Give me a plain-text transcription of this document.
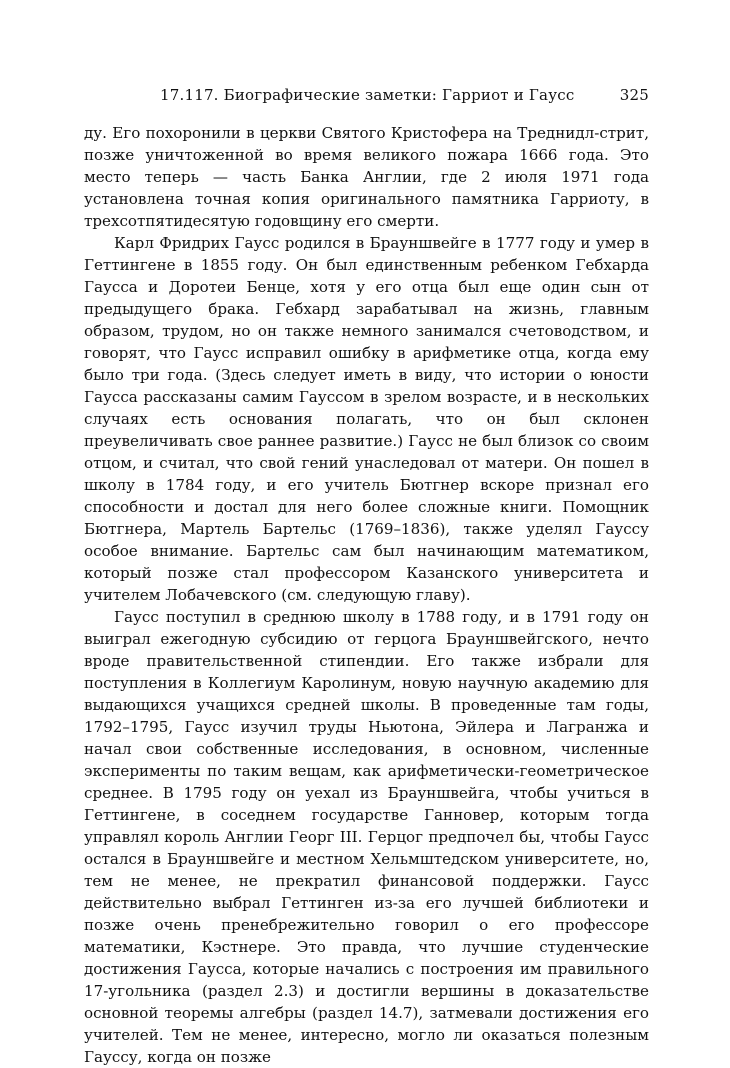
17.117. Биографические заметки: Гарриот и Гаусс	325

ду. Его похоронили в церкви Святого Кристофера на Треднидл-стрит, позже уничтоженной во время великого пожара 1666 года. Это место теперь — часть Банка Англии, где 2 июля 1971 года установлена точная копия оригинального памятника Гарриоту, в трехсотпятидесятую годовщину его смерти.

Карл Фридрих Гаусс родился в Брауншвейге в 1777 году и умер в Геттингене в 1855 году. Он был единственным ребенком Гебхарда Гаусса и Доротеи Бенце, хотя у его отца был еще один сын от предыдущего брака. Гебхард зарабатывал на жизнь, главным образом, трудом, но он также немного занимался счетоводством, и говорят, что Гаусс исправил ошибку в арифметике отца, когда ему было три года. (Здесь следует иметь в виду, что истории о юности Гаусса рассказаны самим Гауссом в зрелом возрасте, и в нескольких случаях есть основания полагать, что он был склонен преувеличивать свое раннее развитие.) Гаусс не был близок со своим отцом, и считал, что свой гений унаследовал от матери. Он пошел в школу в 1784 году, и его учитель Бютгнер вскоре признал его способности и достал для него более сложные книги. Помощник Бютгнера, Мартель Бартельс (1769–1836), также уделял Гауссу особое внимание. Бартельс сам был начинающим математиком, который позже стал профессором Казанского университета и учителем Лобачевского (см. следующую главу).

Гаусс поступил в среднюю школу в 1788 году, и в 1791 году он выиграл ежегодную субсидию от герцога Брауншвейгского, нечто вроде правительственной стипендии. Его также избрали для поступления в Коллегиум Каролинум, новую научную академию для выдающихся учащихся средней школы. В проведенные там годы, 1792–1795, Гаусс изучил труды Ньютона, Эйлера и Лагранжа и начал свои собственные исследования, в основном, численные эксперименты по таким вещам, как арифметически-геометрическое среднее. В 1795 году он уехал из Брауншвейга, чтобы учиться в Геттингене, в соседнем государстве Ганновер, которым тогда управлял король Англии Георг III. Герцог предпочел бы, чтобы Гаусс остался в Брауншвейге и местном Хельмштедском университете, но, тем не менее, не прекратил финансовой поддержки. Гаусс действительно выбрал Геттинген из-за его лучшей библиотеки и позже очень пренебрежительно говорил о его профессоре математики, Кэстнере. Это правда, что лучшие студенческие достижения Гаусса, которые начались с построения им правильного 17-угольника (раздел 2.3) и достигли вершины в доказательстве основной теоремы алгебры (раздел 14.7), затмевали достижения его учителей. Тем не менее, интересно, могло ли оказаться полезным Гауссу, когда он позже
